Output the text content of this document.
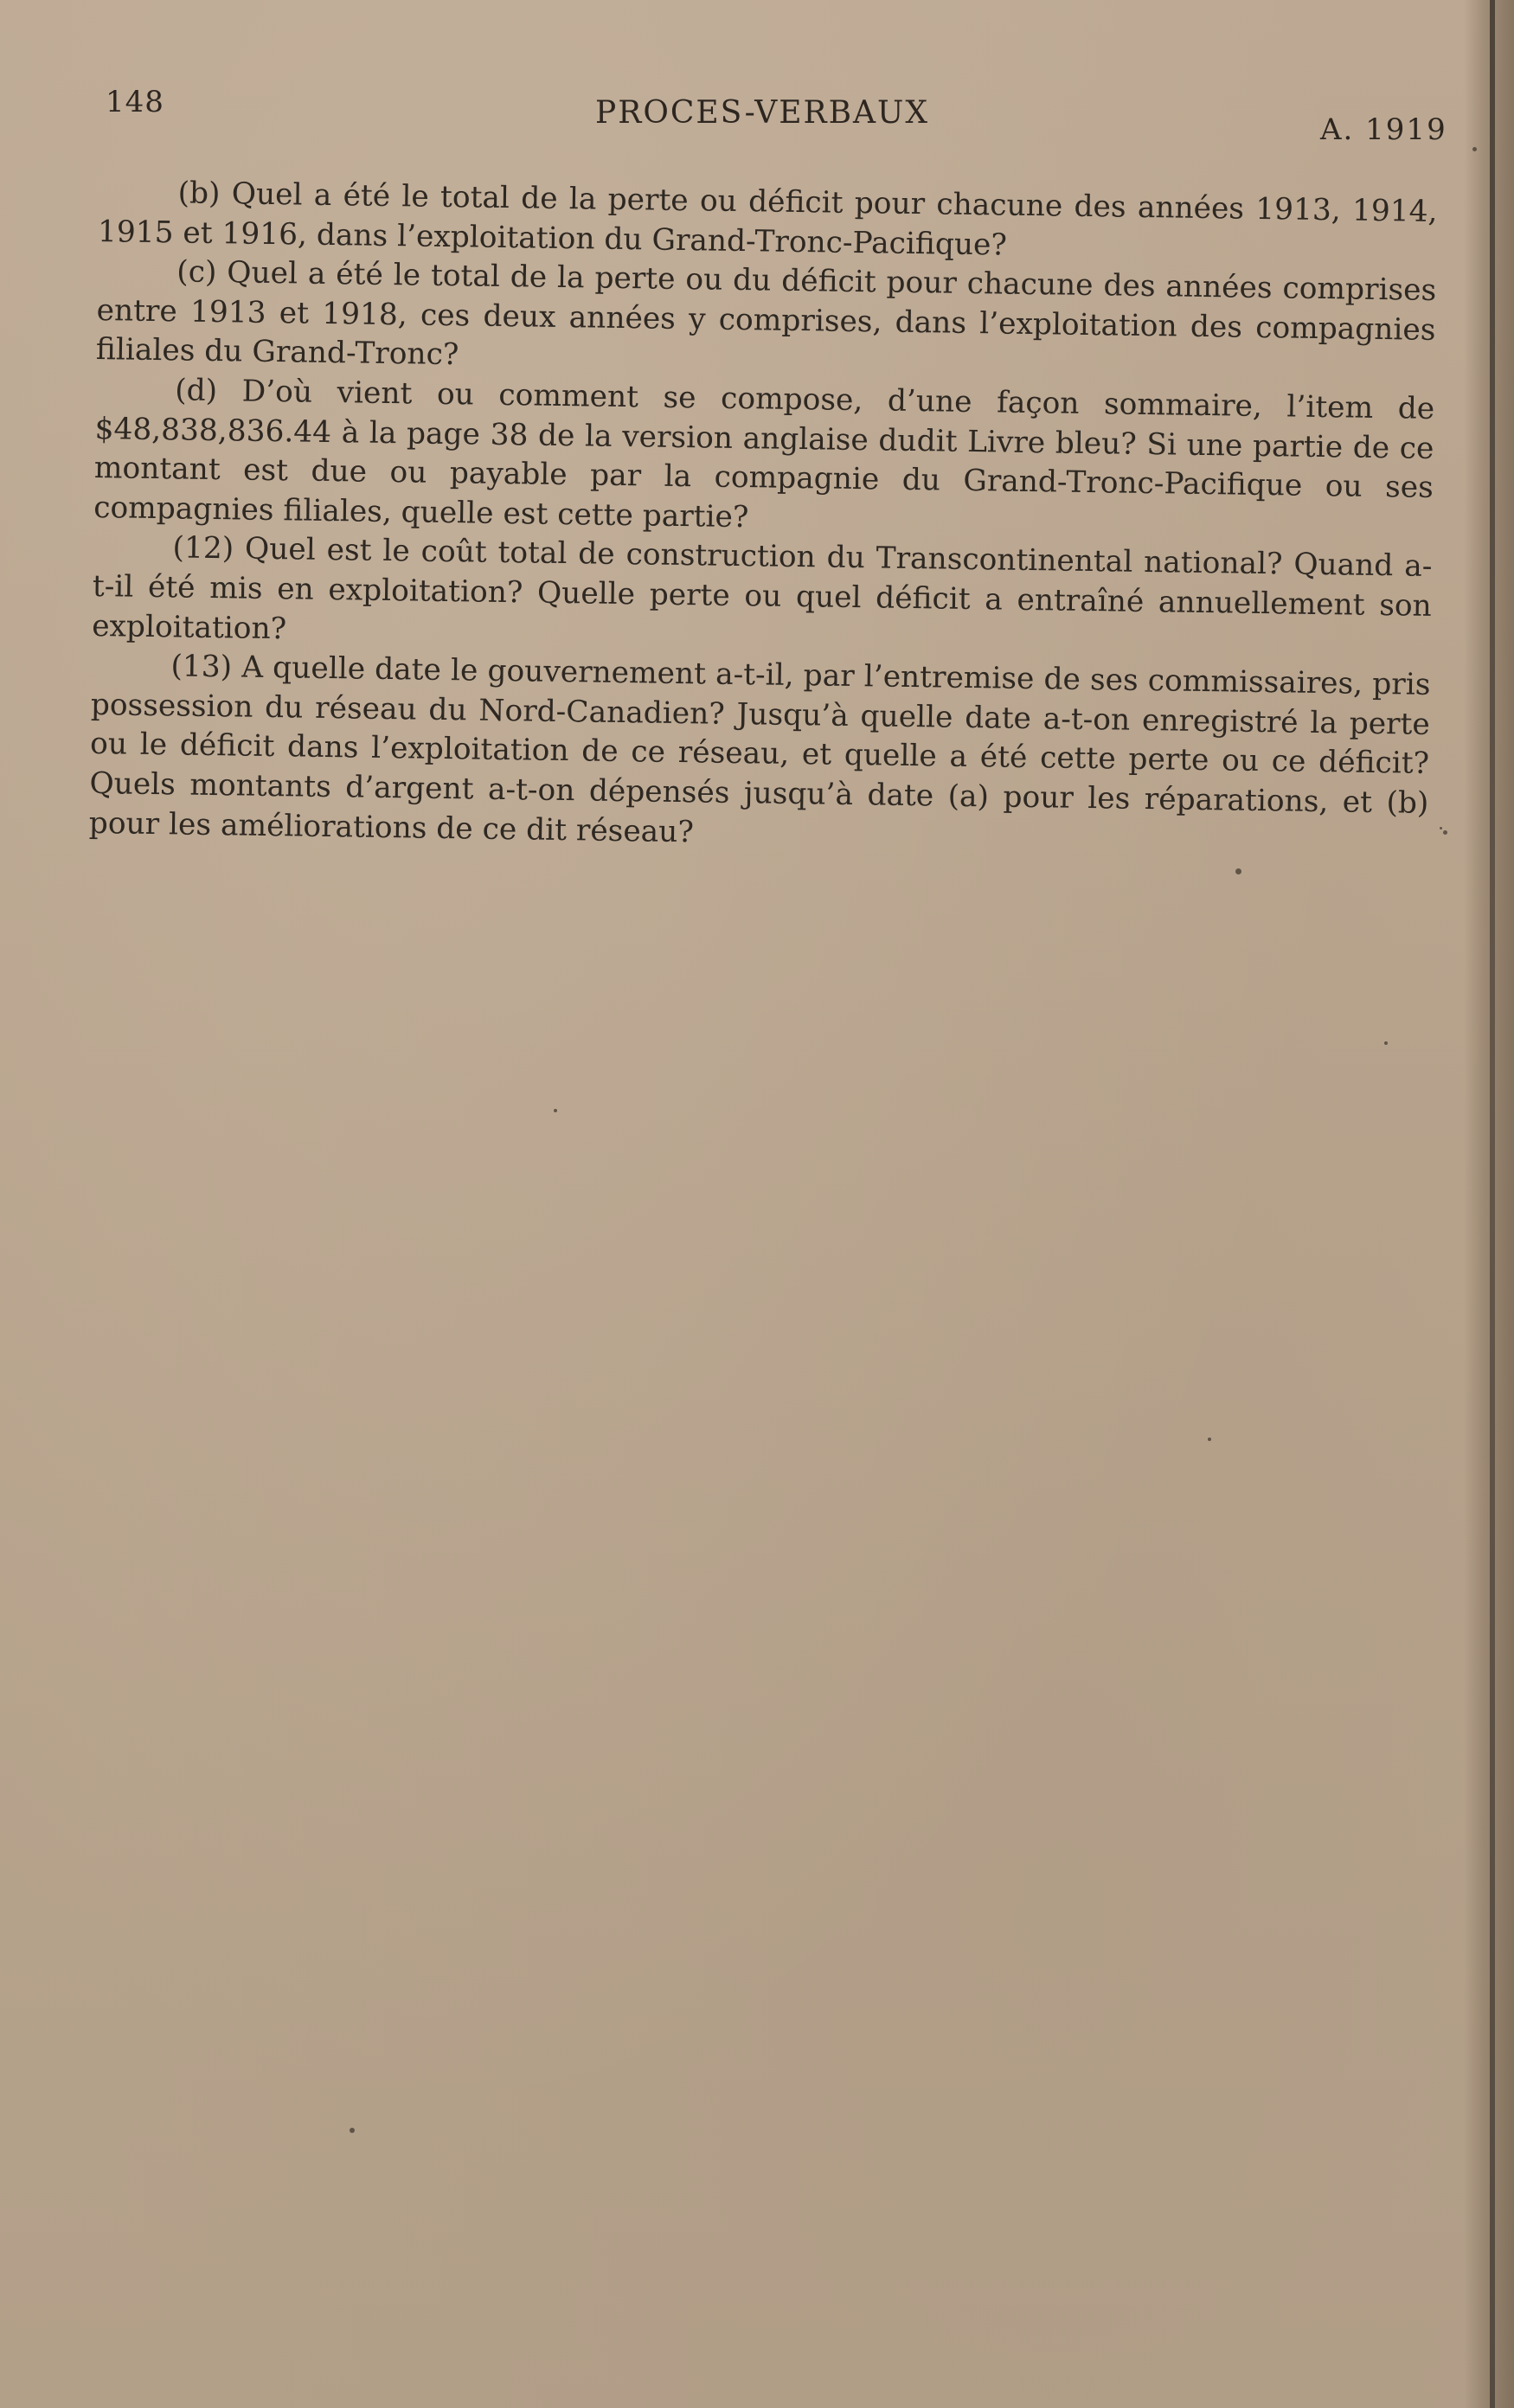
148	PROCES-VERBAUX	A. 1919

(b) Quel a été le total de la perte ou déficit pour chacune des années 1913, 1914, 1915 et 1916, dans l’exploitation du Grand-Tronc-Pacifique?

(c) Quel a été le total de la perte ou du déficit pour chacune des années comprises entre 1913 et 1918, ces deux années y comprises, dans l’exploitation des compagnies filiales du Grand-Tronc?

(d) D’où vient ou comment se compose, d’une façon sommaire, l’item de $48,838,836.44 à la page 38 de la version anglaise dudit Livre bleu? Si une partie de ce montant est due ou payable par la compagnie du Grand-Tronc-Pacifique ou ses compagnies filiales, quelle est cette partie?

(12) Quel est le coût total de construction du Transcontinental national? Quand a-t-il été mis en exploitation? Quelle perte ou quel déficit a entraîné annuellement son exploitation?

(13) A quelle date le gouvernement a-t-il, par l’entremise de ses commissaires, pris possession du réseau du Nord-Canadien? Jusqu’à quelle date a-t-on enregistré la perte ou le déficit dans l’exploitation de ce réseau, et quelle a été cette perte ou ce déficit? Quels montants d’argent a-t-on dépensés jusqu’à date (a) pour les réparations, et (b) pour les améliorations de ce dit réseau?
